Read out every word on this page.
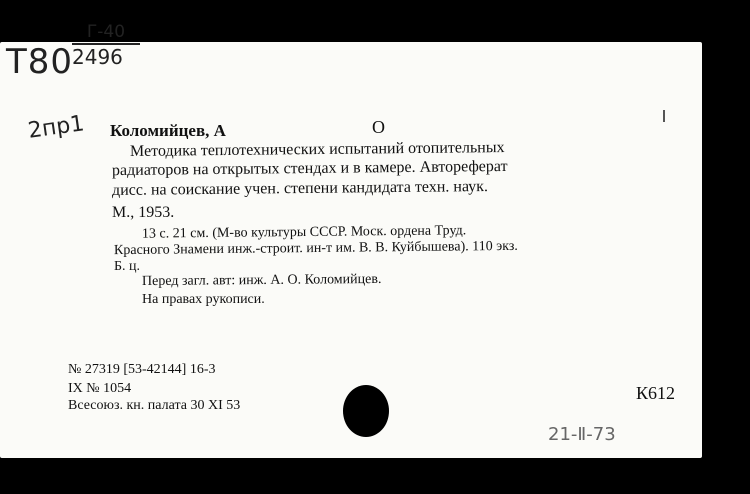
T80
Г-40
2496
2пр1 Коломийцев, А	О
Методика теплотехнических испытаний отопительных
радиаторов на открытых стендах и в камере. Автореферат
дисс. на соискание учен. степени кандидата техн. наук.
М., 1953.
13 с. 21 см. (М-во культуры СССР. Моск. ордена Труд.
Красного Знамени инж.-строит. ин-т им. В. В. Куйбышева). 110 экз.
Б. ц.
Перед загл. авт: инж. А. О. Коломийцев.
На правах рукописи.
№ 27319 [53-42144] 16-3
IX № 1054
Всесоюз. кн. палата 30 XI 53
К612
21-Ⅱ-73
